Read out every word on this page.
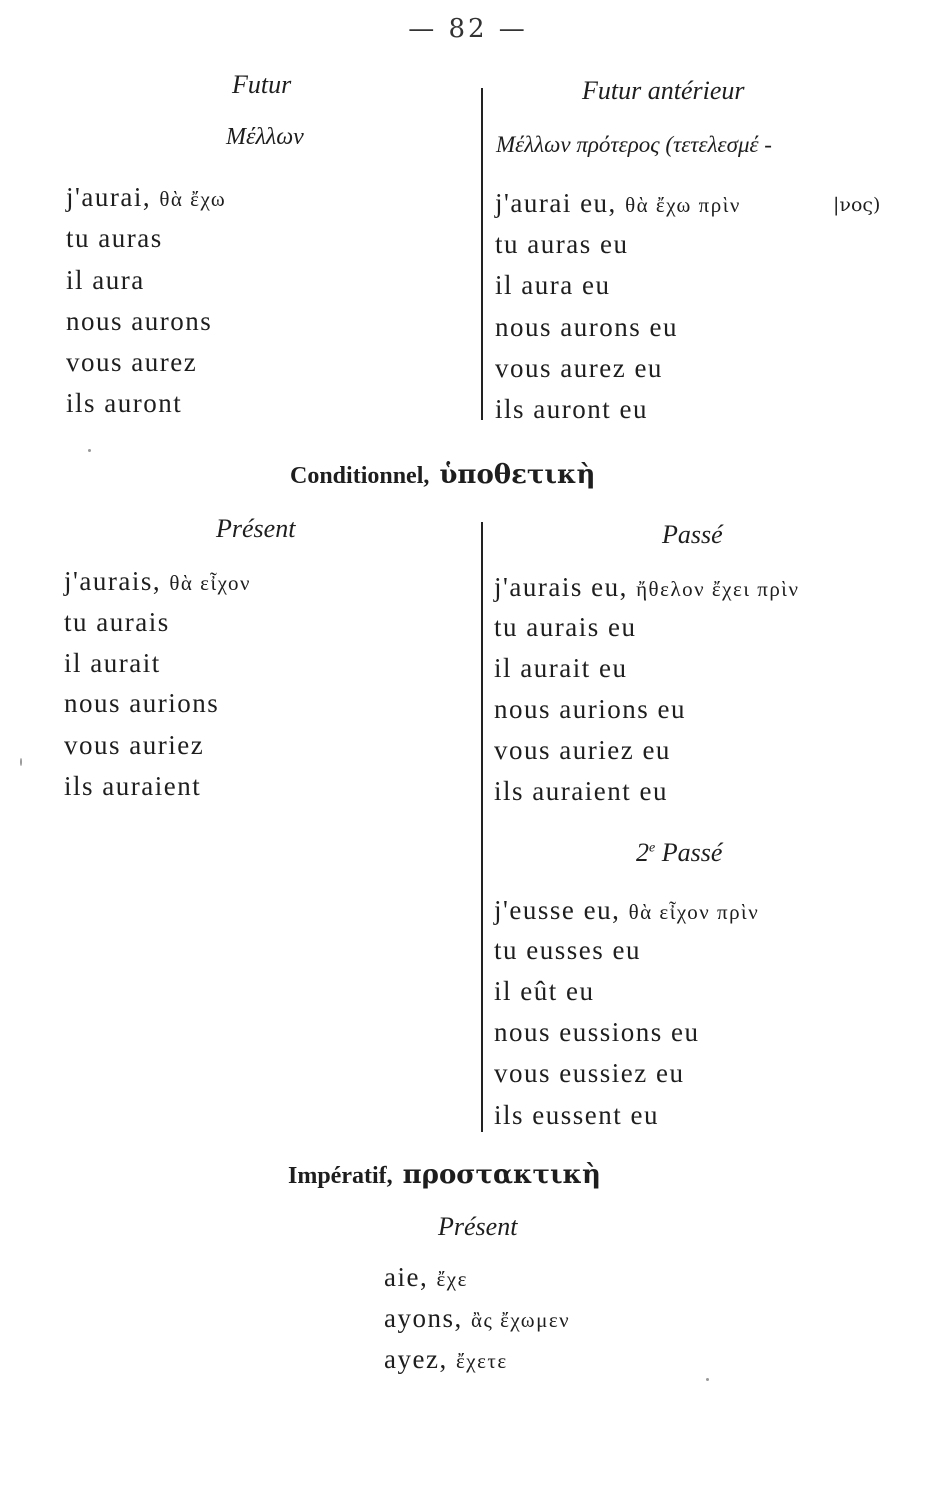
— 82 —
Futur
Μέλλων
j'aurai, θὰ ἔχω
tu auras
il aura
nous aurons
vous aurez
ils auront
Futur antérieur
Μέλλων πρότερος (τετελεσμέ -
j'aurai eu, θὰ ἔχω πρὶν	|νος)
tu auras eu
il aura eu
nous aurons eu
vous aurez eu
ils auront eu
Conditionnel, ὑποθετικὴ
Présent
j'aurais, θὰ εἶχον
tu aurais
il aurait
nous aurions
vous auriez
ils auraient
Passé
j'aurais eu, ἤθελον ἔχει πρὶν
tu aurais eu
il aurait eu
nous aurions eu
vous auriez eu
ils auraient eu
2e Passé
j'eusse eu, θὰ εἶχον πρὶν
tu eusses eu
il eût eu
nous eussions eu
vous eussiez eu
ils eussent eu
Impératif, προστακτικὴ
Présent
aie, ἔχε
ayons, ἂς ἔχωμεν
ayez, ἔχετε
